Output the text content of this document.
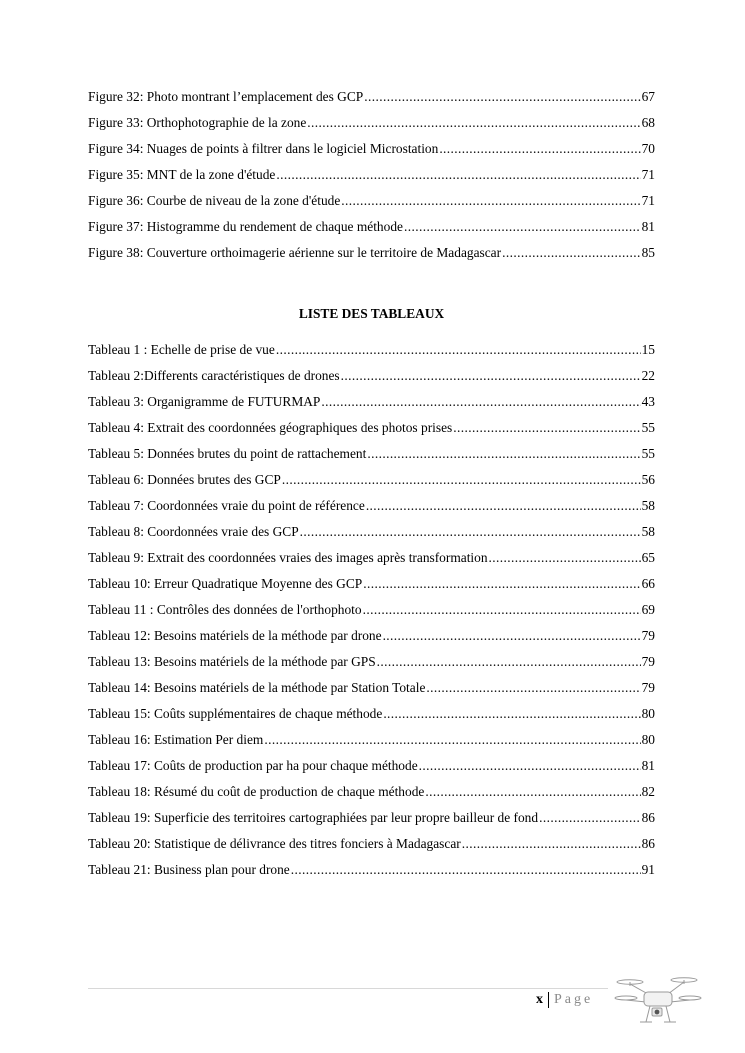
Figure 32: Photo montrant l’emplacement des GCP .....	67
Figure 33: Orthophotographie de la zone .....	68
Figure 34: Nuages de points à filtrer dans le logiciel Microstation .....	70
Figure 35: MNT de la zone d'étude .....	71
Figure 36: Courbe de niveau de la zone d'étude .....	71
Figure 37: Histogramme du rendement de chaque méthode .....	81
Figure 38: Couverture orthoimagerie aérienne sur le territoire de Madagascar .....	85
LISTE DES TABLEAUX
Tableau 1 : Echelle de prise de vue .....	15
Tableau 2:Differents caractéristiques de drones .....	22
Tableau 3: Organigramme de FUTURMAP .....	43
Tableau 4: Extrait des coordonnées géographiques des photos prises .....	55
Tableau 5: Données brutes du point de rattachement .....	55
Tableau 6: Données brutes des GCP .....	56
Tableau 7: Coordonnées vraie du point de référence .....	58
Tableau 8: Coordonnées vraie des GCP .....	58
Tableau 9: Extrait des coordonnées vraies des images après transformation .....	65
Tableau 10: Erreur Quadratique Moyenne des GCP .....	66
Tableau 11 : Contrôles des données de l'orthophoto .....	69
Tableau 12: Besoins matériels de la méthode par drone .....	79
Tableau 13: Besoins matériels de la méthode par GPS .....	79
Tableau 14: Besoins matériels de la méthode par Station Totale .....	79
Tableau 15: Coûts supplémentaires de chaque méthode .....	80
Tableau 16: Estimation Per diem .....	80
Tableau 17: Coûts de production par ha pour chaque méthode .....	81
Tableau 18: Résumé du coût de production de chaque méthode .....	82
Tableau 19: Superficie des territoires cartographiées par leur propre bailleur de fond .....	86
Tableau 20: Statistique de délivrance des titres fonciers à Madagascar .....	86
Tableau 21: Business plan pour drone .....	91
x Page
